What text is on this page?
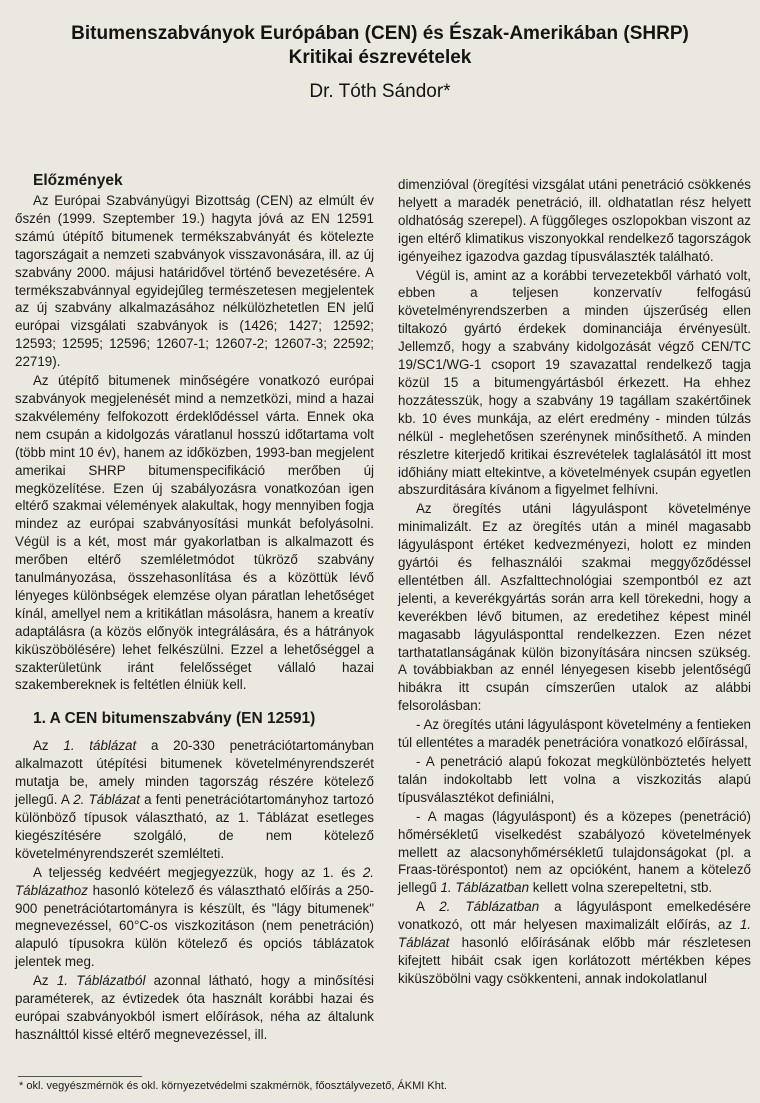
Bitumenszabványok Európában (CEN) és Észak-Amerikában (SHRP)
Kritikai észrevételek
Dr. Tóth Sándor*

Előzmények

Az Európai Szabványügyi Bizottság (CEN) az elmúlt év őszén (1999. Szeptember 19.) hagyta jóvá az EN 12591 számú útépítő bitumenek termékszabványát és kötelezte tagországait a nemzeti szabványok visszavonására, ill. az új szabvány 2000. májusi határidővel történő bevezetésére. A termékszabvánnyal egyidejűleg természetesen megjelentek az új szabvány alkalmazásához nélkülözhetetlen EN jelű európai vizsgálati szabványok is (1426; 1427; 12592; 12593; 12595; 12596; 12607-1; 12607-2; 12607-3; 22592; 22719).

Az útépítő bitumenek minőségére vonatkozó európai szabványok megjelenését mind a nemzetközi, mind a hazai szakvélemény felfokozott érdeklődéssel várta. Ennek oka nem csupán a kidolgozás váratlanul hosszú időtartama volt (több mint 10 év), hanem az időközben, 1993-ban megjelent amerikai SHRP bitumenspecifikáció merőben új megközelítése. Ezen új szabályozásra vonatkozóan igen eltérő szakmai vélemények alakultak, hogy mennyiben fogja mindez az európai szabványosítási munkát befolyásolni. Végül is a két, most már gyakorlatban is alkalmazott és merőben eltérő szemléletmódot tükröző szabvány tanulmányozása, összehasonlítása és a közöttük lévő lényeges különbségek elemzése olyan páratlan lehetőséget kínál, amellyel nem a kritikátlan másolásra, hanem a kreatív adaptálásra (a közös előnyök integrálására, és a hátrányok kiküszöbölésére) lehet felkészülni. Ezzel a lehetőséggel a szakterületünk iránt felelősséget vállaló hazai szakembereknek is feltétlen élniük kell.

1. A CEN bitumenszabvány (EN 12591)

Az 1. táblázat a 20-330 penetrációtartományban alkalmazott útépítési bitumenek követelményrendszerét mutatja be, amely minden tagország részére kötelező jellegű. A 2. Táblázat a fenti penetrációtartományhoz tartozó különböző típusok választható, az 1. Táblázat esetleges kiegészítésére szolgáló, de nem kötelező követelményrendszerét szemlélteti.

A teljesség kedvéért megjegyezzük, hogy az 1. és 2. Táblázathoz hasonló kötelező és választható előírás a 250-900 penetrációtartományra is készült, és "lágy bitumenek" megnevezéssel, 60°C-os viszkozitáson (nem penetráción) alapuló típusokra külön kötelező és opciós táblázatok jelentek meg.

Az 1. Táblázatból azonnal látható, hogy a minősítési paraméterek, az évtizedek óta használt korábbi hazai és európai szabványokból ismert előírások, néha az általunk használttól kissé eltérő megnevezéssel, ill.

dimenzióval (öregítési vizsgálat utáni penetráció csökkenés helyett a maradék penetráció, ill. oldhatatlan rész helyett oldhatóság szerepel). A függőleges oszlopokban viszont az igen eltérő klimatikus viszonyokkal rendelkező tagországok igényeihez igazodva gazdag típusválaszték található.

Végül is, amint az a korábbi tervezetekből várható volt, ebben a teljesen konzervatív felfogású követelményrendszerben a minden újszerűség ellen tiltakozó gyártó érdekek dominanciája érvényesült. Jellemző, hogy a szabvány kidolgozását végző CEN/TC 19/SC1/WG-1 csoport 19 szavazattal rendelkező tagja közül 15 a bitumengyártásból érkezett. Ha ehhez hozzátesszük, hogy a szabvány 19 tagállam szakértőinek kb. 10 éves munkája, az elért eredmény - minden túlzás nélkül - meglehetősen szerénynek minősíthető. A minden részletre kiterjedő kritikai észrevételek taglalásától itt most időhiány miatt eltekintve, a követelmények csupán egyetlen abszurditására kívánom a figyelmet felhívni.

Az öregítés utáni lágyuláspont követelménye minimalizált. Ez az öregítés után a minél magasabb lágyuláspont értéket kedvezményezi, holott ez minden gyártói és felhasználói szakmai meggyőződéssel ellentétben áll. Aszfalttechnológiai szempontból ez azt jelenti, a keverékgyártás során arra kell törekedni, hogy a keverékben lévő bitumen, az eredetihez képest minél magasabb lágyulásponttal rendelkezzen. Ezen nézet tarthatatlanságának külön bizonyítására nincsen szükség. A továbbiakban az ennél lényegesen kisebb jelentőségű hibákra itt csupán címszerűen utalok az alábbi felsorolásban:

- Az öregítés utáni lágyuláspont követelmény a fentieken túl ellentétes a maradék penetrációra vonatkozó előírással,

- A penetráció alapú fokozat megkülönböztetés helyett talán indokoltabb lett volna a viszkozitás alapú típusválasztékot definiálni,

- A magas (lágyuláspont) és a közepes (penetráció) hőmérsékletű viselkedést szabályozó követelmények mellett az alacsonyhőmérsékletű tulajdonságokat (pl. a Fraas-töréspontot) nem az opcióként, hanem a kötelező jellegű 1. Táblázatban kellett volna szerepeltetni, stb.

A 2. Táblázatban a lágyuláspont emelkedésére vonatkozó, ott már helyesen maximalizált előírás, az 1. Táblázat hasonló előírásának előbb már részletesen kifejtett hibáit csak igen korlátozott mértékben képes kiküszöbölni vagy csökkenteni, annak indokolatlanul

* okl. vegyészmérnök és okl. környezetvédelmi szakmérnök, főosztályvezető, ÁKMI Kht.
